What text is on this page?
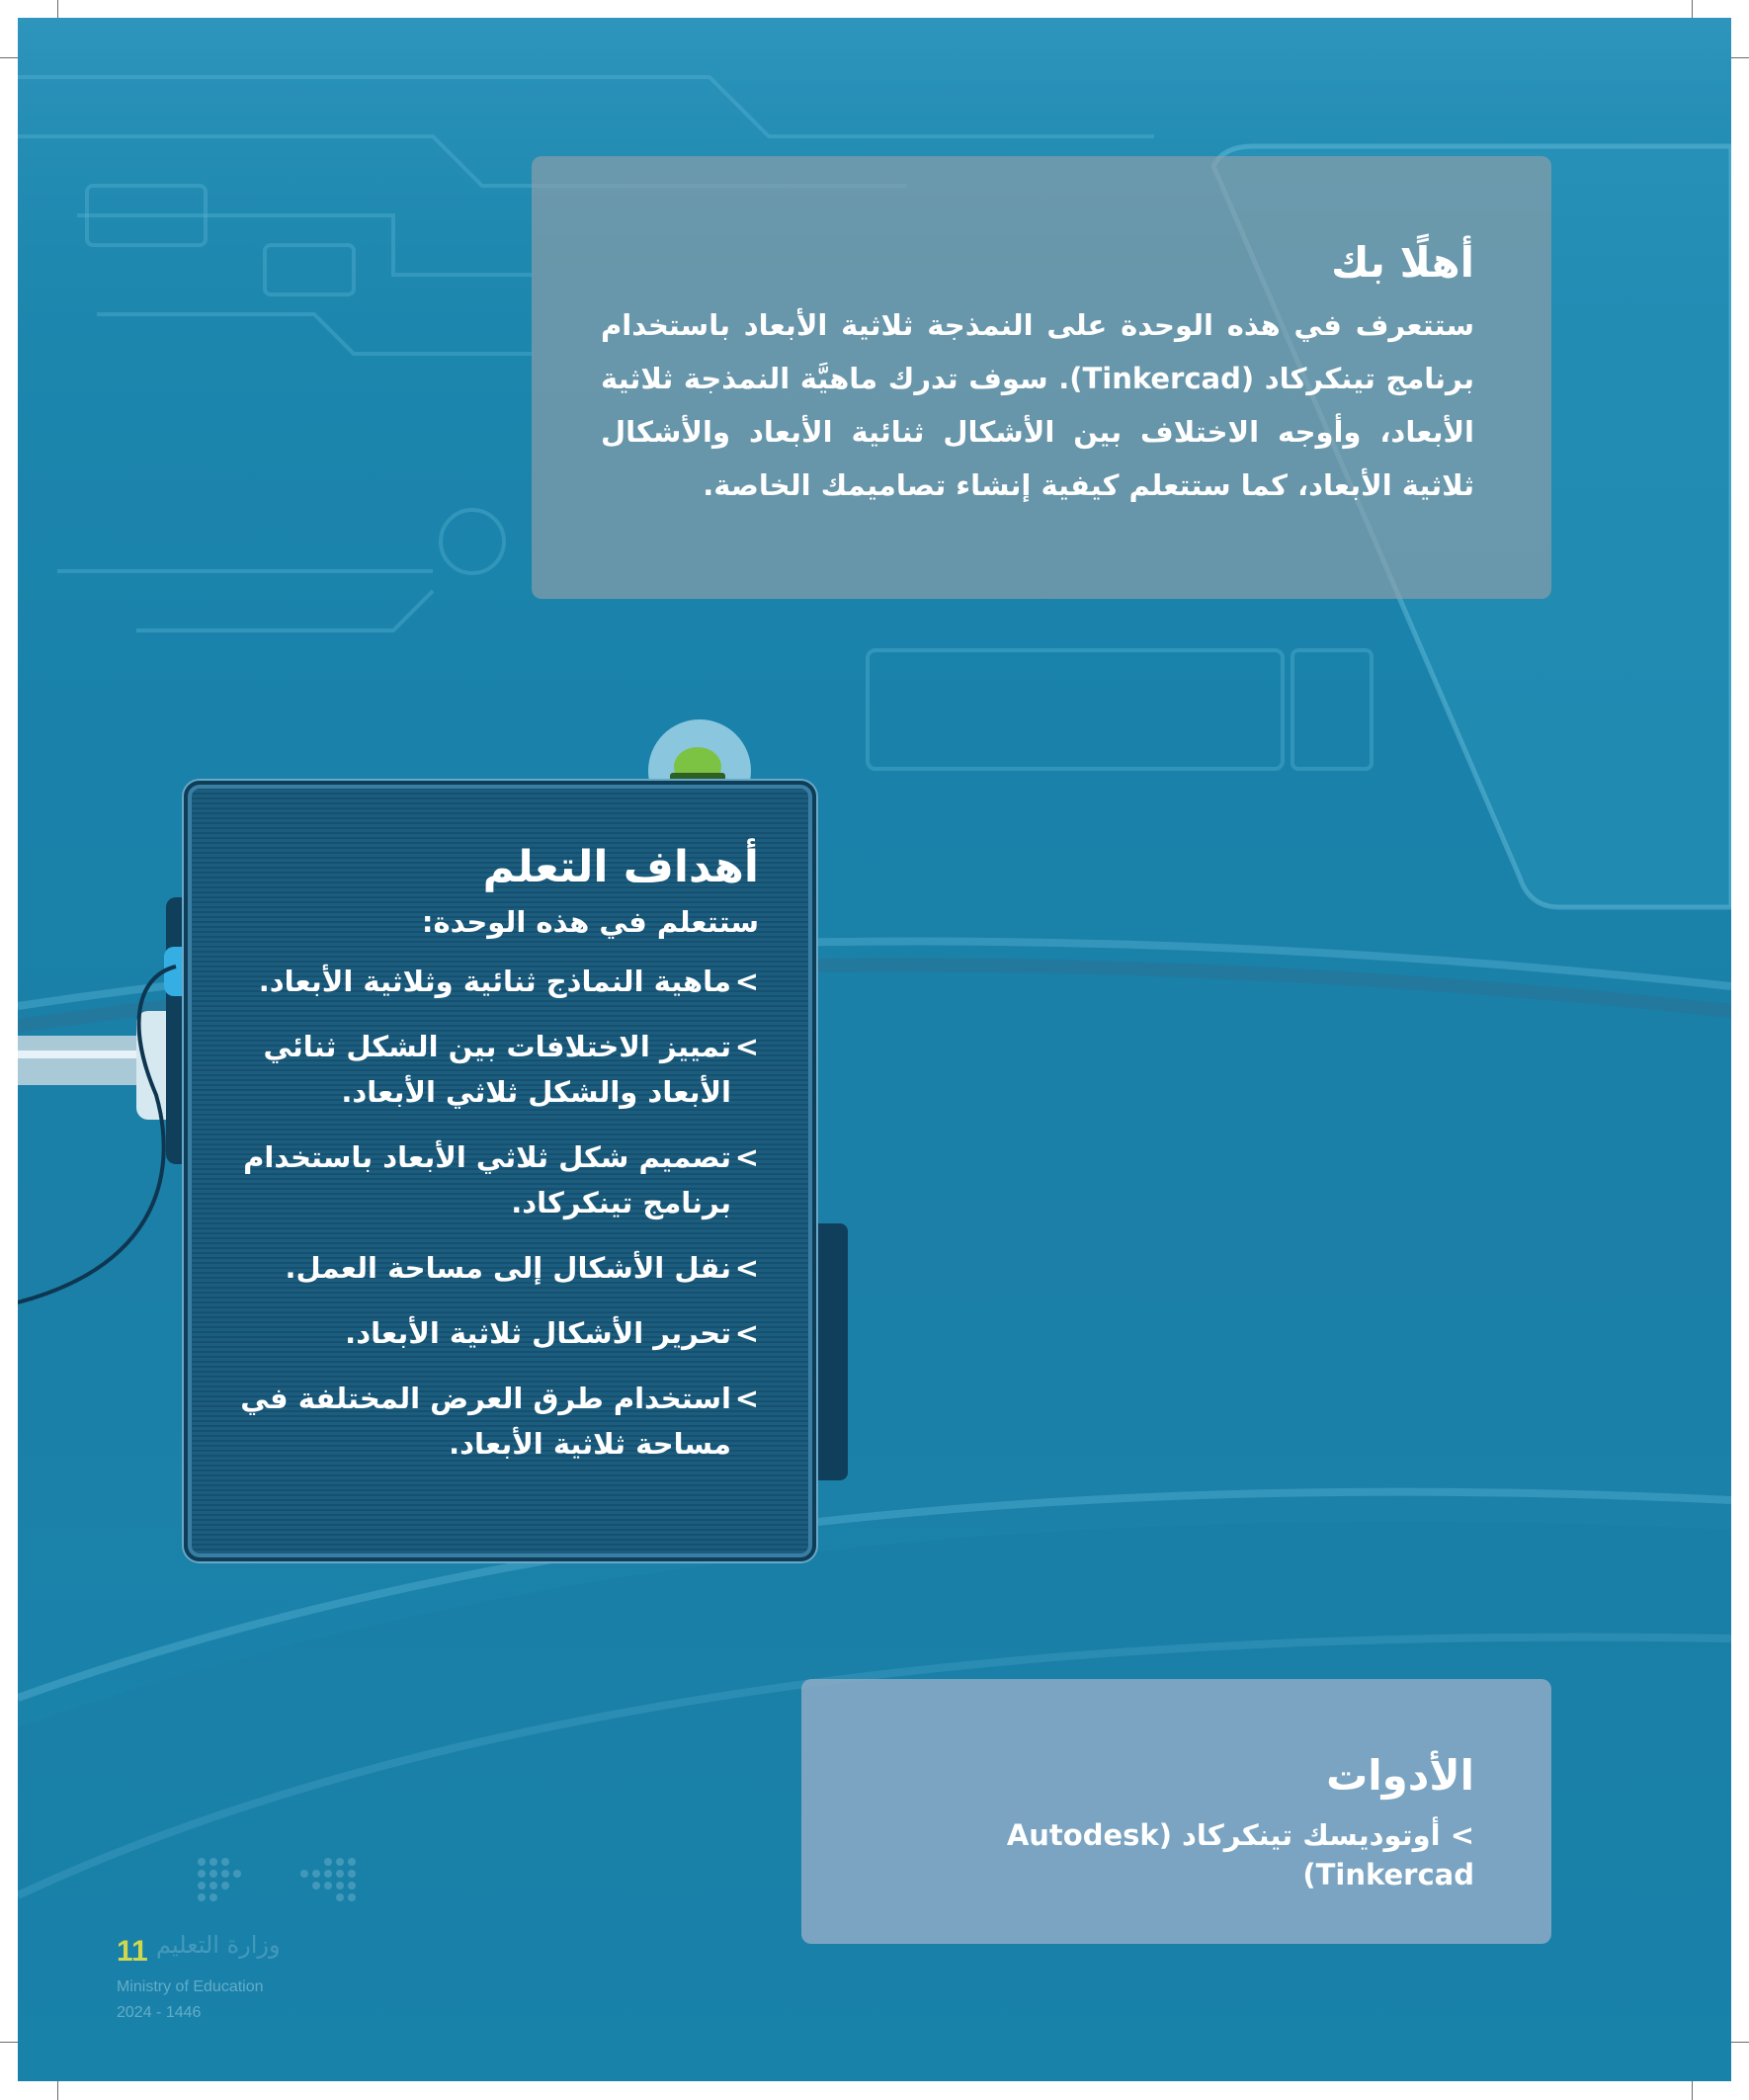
أهلًا بك

ستتعرف في هذه الوحدة على النمذجة ثلاثية الأبعاد باستخدام برنامج تينكركاد (Tinkercad). سوف تدرك ماهيَّة النمذجة ثلاثية الأبعاد، وأوجه الاختلاف بين الأشكال ثنائية الأبعاد والأشكال ثلاثية الأبعاد، كما ستتعلم كيفية إنشاء تصاميمك الخاصة.

أهداف التعلم
ستتعلم في هذه الوحدة:
>
ماهية النماذج ثنائية وثلاثية الأبعاد.
>
تمييز الاختلافات بين الشكل ثنائي الأبعاد والشكل ثلاثي الأبعاد.
>
تصميم شكل ثلاثي الأبعاد باستخدام برنامج تينكركاد.
>
نقل الأشكال إلى مساحة العمل.
>
تحرير الأشكال ثلاثية الأبعاد.
>
استخدام طرق العرض المختلفة في مساحة ثلاثية الأبعاد.
الأدوات
> أوتوديسك تينكركاد (Autodesk Tinkercad)
وزارة التعليم
11
Ministry of Education
2024 - 1446
